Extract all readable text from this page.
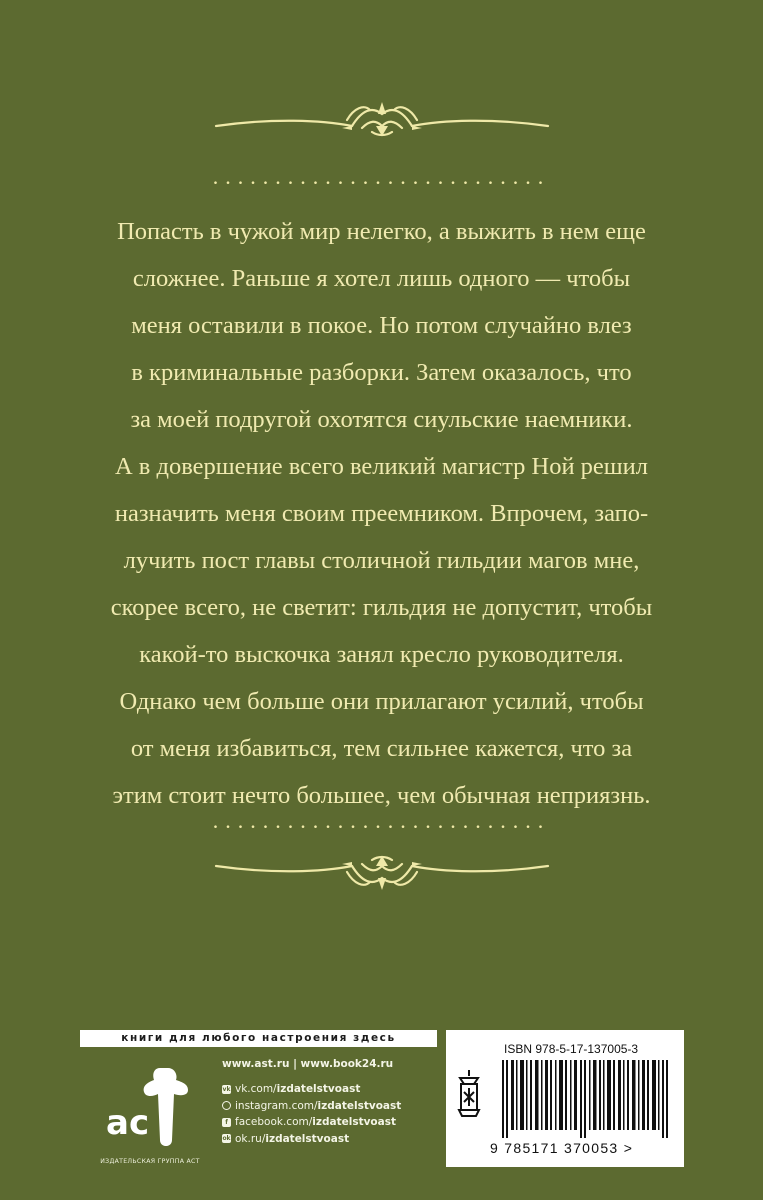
...........................

Попасть в чужой мир нелегко, а выжить в нем еще
сложнее. Раньше я хотел лишь одного — чтобы
меня оставили в покое. Но потом случайно влез
в криминальные разборки. Затем оказалось, что
за моей подругой охотятся сиульские наемники.
А в довершение всего великий магистр Ной решил
назначить меня своим преемником. Впрочем, запо-
лучить пост главы столичной гильдии магов мне,
скорее всего, не светит: гильдия не допустит, чтобы
какой-то выскочка занял кресло руководителя.
Однако чем больше они прилагают усилий, чтобы
от меня избавиться, тем сильнее кажется, что за
этим стоит нечто большее, чем обычная неприязнь.

...........................
книги для любого настроения здесь
ac
ИЗДАТЕЛЬСКАЯ ГРУППА АСТ
www.ast.ru | www.book24.ru
vk vk.com/ izdatelstvoast
instagram.com/ izdatelstvoast
f facebook.com/ izdatelstvoast
ok ok.ru/ izdatelstvoast
ISBN 978-5-17-137005-3
9 785171 370053 >
